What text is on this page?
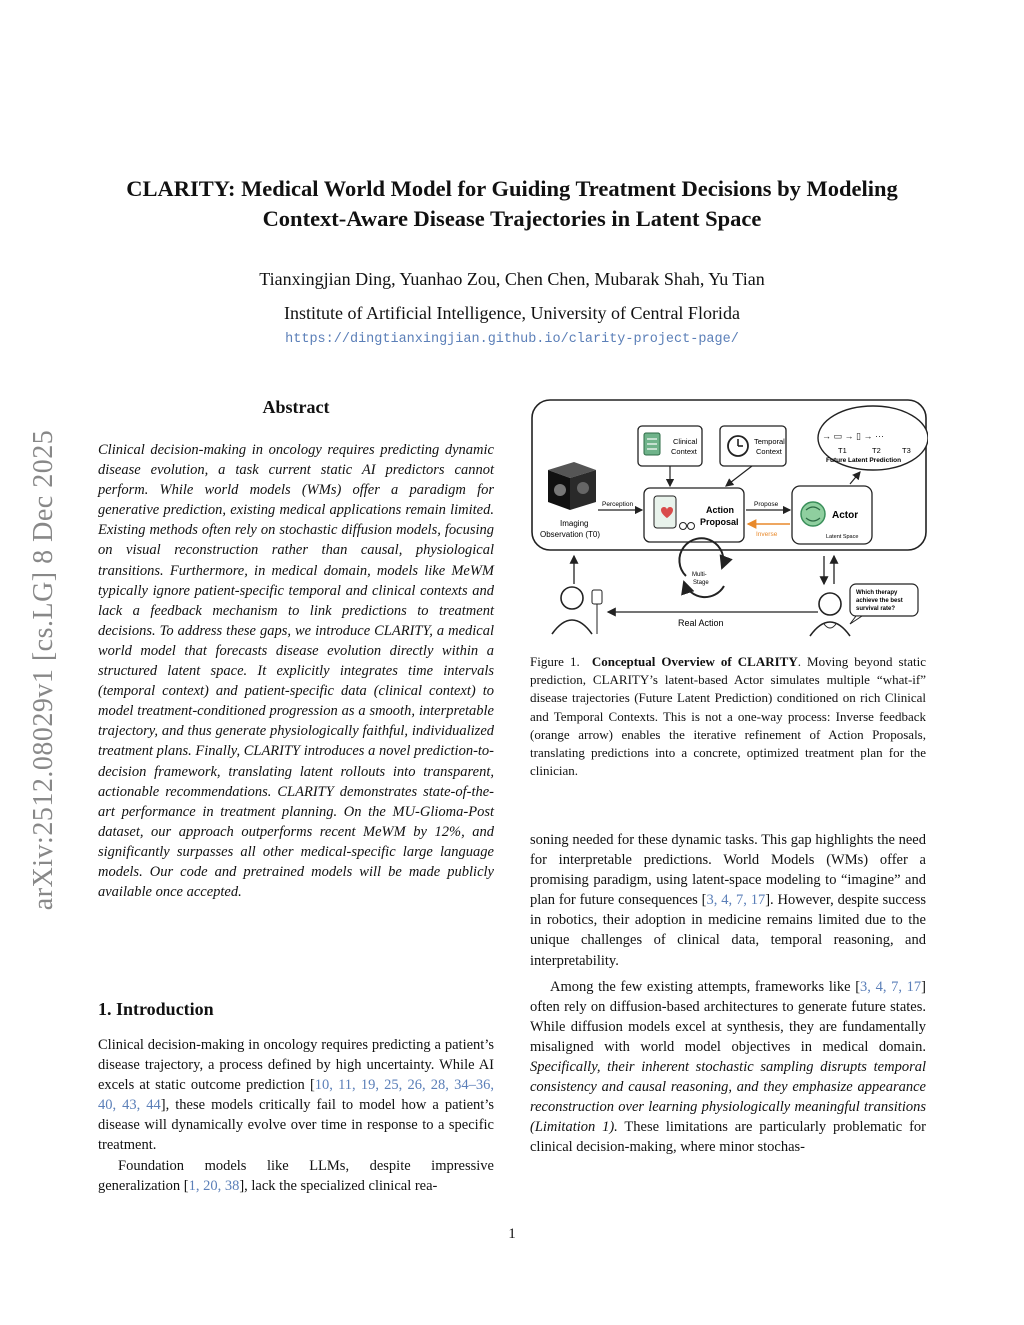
CLARITY: Medical World Model for Guiding Treatment Decisions by Modeling
Context-Aware Disease Trajectories in Latent Space
Tianxingjian Ding, Yuanhao Zou, Chen Chen, Mubarak Shah, Yu Tian
Institute of Artificial Intelligence, University of Central Florida
https://dingtianxingjian.github.io/clarity-project-page/
arXiv:2512.08029v1 [cs.LG] 8 Dec 2025
Abstract

Clinical decision-making in oncology requires predicting dynamic disease evolution, a task current static AI predictors cannot perform. While world models (WMs) offer a paradigm for generative prediction, existing medical applications remain limited. Existing methods often rely on stochastic diffusion models, focusing on visual reconstruction rather than causal, physiological transitions. Furthermore, in medical domain, models like MeWM typically ignore patient-specific temporal and clinical contexts and lack a feedback mechanism to link predictions to treatment decisions. To address these gaps, we introduce CLARITY, a medical world model that forecasts disease evolution directly within a structured latent space. It explicitly integrates time intervals (temporal context) and patient-specific data (clinical context) to model treatment-conditioned progression as a smooth, interpretable trajectory, and thus generate physiologically faithful, individualized treatment plans. Finally, CLARITY introduces a novel prediction-to-decision framework, translating latent rollouts into transparent, actionable recommendations. CLARITY demonstrates state-of-the-art performance in treatment planning. On the MU-Glioma-Post dataset, our approach outperforms recent MeWM by 12%, and significantly surpasses all other medical-specific large language models. Our code and pretrained models will be made publicly available once accepted.

1. Introduction

Clinical decision-making in oncology requires predicting a patient’s disease trajectory, a process defined by high uncertainty. While AI excels at static outcome prediction [10, 11, 19, 25, 26, 28, 34–36, 40, 43, 44], these models critically fail to model how a patient’s disease will dynamically evolve over time in response to a specific treatment.

Foundation models like LLMs, despite impressive generalization [1, 20, 38], lack the specialized clinical rea-

→ ▭ → ▯ → ···
T1	T2	T3
Future Latent Prediction
Clinical
Context
Temporal
Context
Imaging
Observation (T0)
Perception
Action
Proposal
Propose
Inverse
Actor
Latent Space
Multi-
Stage
Real Action
Which therapy
achieve the best
survival rate?
Figure 1. Conceptual Overview of CLARITY. Moving beyond static prediction, CLARITY’s latent-based Actor simulates multiple “what-if” disease trajectories (Future Latent Prediction) conditioned on rich Clinical and Temporal Contexts. This is not a one-way process: Inverse feedback (orange arrow) enables the iterative refinement of Action Proposals, translating predictions into a concrete, optimized treatment plan for the clinician.

soning needed for these dynamic tasks. This gap highlights the need for interpretable predictions. World Models (WMs) offer a promising paradigm, using latent-space modeling to “imagine” and plan for future consequences [3, 4, 7, 17]. However, despite success in robotics, their adoption in medicine remains limited due to the unique challenges of clinical data, temporal reasoning, and interpretability.

Among the few existing attempts, frameworks like [3, 4, 7, 17] often rely on diffusion-based architectures to generate future states. While diffusion models excel at synthesis, they are fundamentally misaligned with world model objectives in medical domain. Specifically, their inherent stochastic sampling disrupts temporal consistency and causal reasoning, and they emphasize appearance reconstruction over learning physiologically meaningful transitions (Limitation 1). These limitations are particularly problematic for clinical decision-making, where minor stochas-

1
